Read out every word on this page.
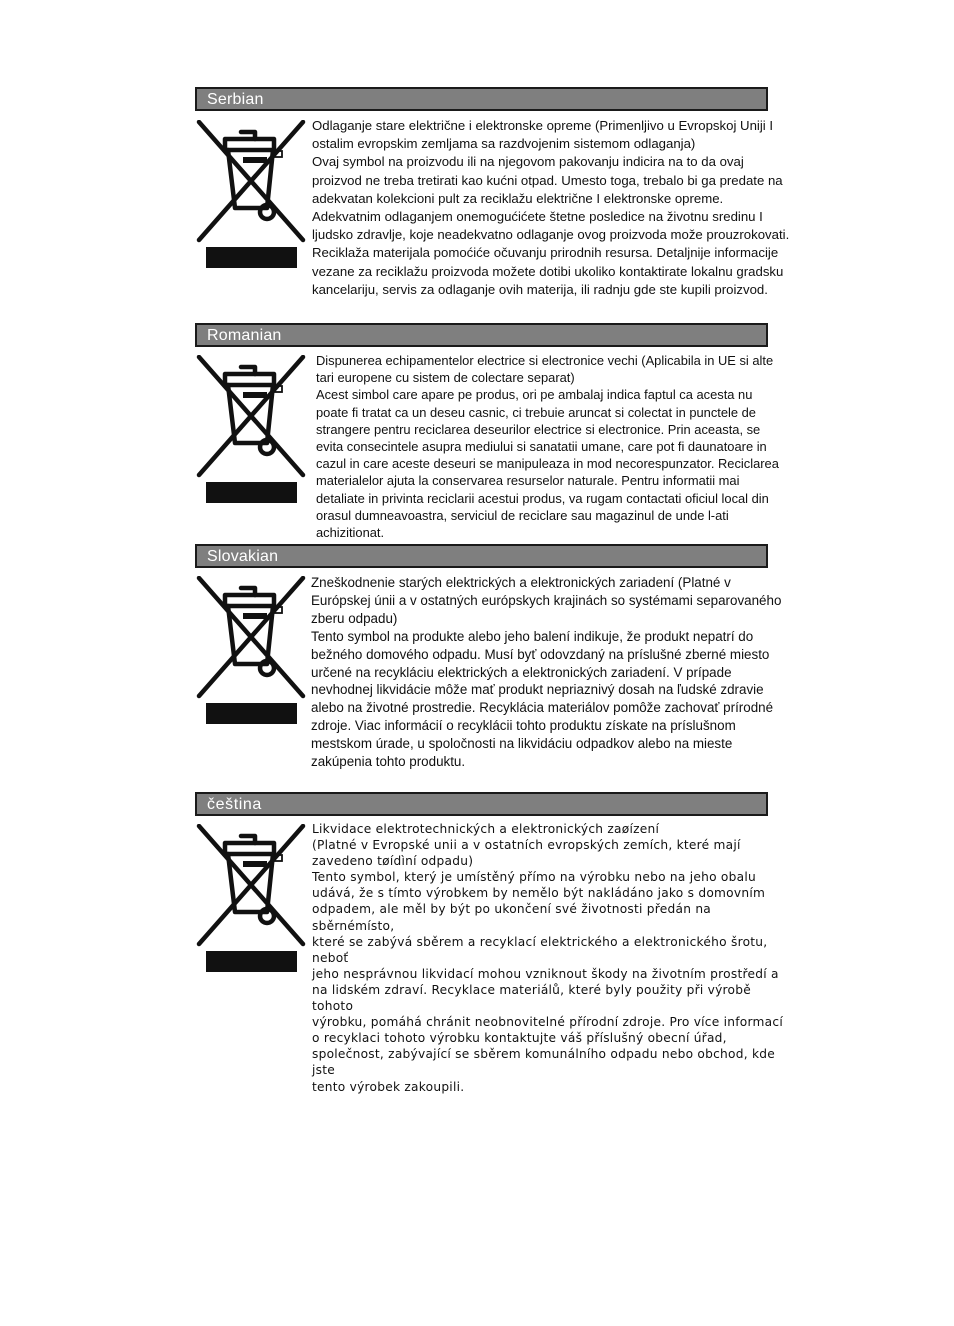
Serbian
Odlaganje stare električne i elektronske opreme (Primenljivo u Evropskoj Uniji I
ostalim evropskim zemljama sa razdvojenim sistemom odlaganja)
Ovaj symbol na proizvodu ili na njegovom pakovanju indicira na to da ovaj
proizvod ne treba tretirati kao kućni otpad. Umesto toga, trebalo bi ga predate na
adekvatan kolekcioni pult za reciklažu električne I elektronske opreme.
Adekvatnim odlaganjem onemogućićete štetne posledice na životnu sredinu I
ljudsko zdravlje, koje neadekvatno odlaganje ovog proizvoda može prouzrokovati.
Reciklaža materijala pomoćiće očuvanju prirodnih resursa. Detaljnije informacije
vezane za reciklažu proizvoda možete dotibi ukoliko kontaktirate lokalnu gradsku
kancelariju, servis za odlaganje ovih materija, ili radnju gde ste kupili proizvod.
Romanian
Dispunerea echipamentelor electrice si electronice vechi (Aplicabila in UE si alte
tari europene cu sistem de colectare separat)
Acest simbol care apare pe produs, ori pe ambalaj indica faptul ca acesta nu
poate fi tratat ca un deseu casnic, ci trebuie aruncat si colectat in punctele de
strangere pentru reciclarea deseurilor electrice si electronice. Prin aceasta, se
evita consecintele asupra mediului si sanatatii umane, care pot fi daunatoare in
cazul in care aceste deseuri se manipuleaza in mod necorespunzator. Reciclarea
materialelor ajuta la conservarea resurselor naturale. Pentru informatii mai
detaliate in privinta reciclarii acestui produs, va rugam contactati oficiul local din
orasul dumneavoastra, serviciul de reciclare sau magazinul de unde l-ati achizitionat.
Slovakian
Zneškodnenie starých elektrických a elektronických zariadení (Platné v
Európskej únii a v ostatných európskych krajinách so systémami separovaného
zberu odpadu)
Tento symbol na produkte alebo jeho balení indikuje, že produkt nepatrí do
bežného domového odpadu. Musí byť odovzdaný na príslušné zberné miesto
určené na recykláciu elektrických a elektronických zariadení. V prípade
nevhodnej likvidácie môže mať produkt nepriaznivý dosah na ľudské zdravie
alebo na životné prostredie. Recyklácia materiálov pomôže zachovať prírodné
zdroje. Viac informácií o recyklácii tohto produktu získate na príslušnom
mestskom úrade, u spoločnosti na likvidáciu odpadkov alebo na mieste
zakúpenia tohto produktu.
čeština
Likvidace elektrotechnických a elektronických zaøízení
(Platné v Evropské unii a v ostatních evropských zemích, které mají
zavedeno tøídìní odpadu)
Tento symbol, který je umístěný přímo na výrobku nebo na jeho obalu
udává, že s tímto výrobkem by nemělo být nakládáno jako s domovním
odpadem, ale měl by být po ukončení své životnosti předán na sběrnémísto,
které se zabývá sběrem a recyklací elektrického a elektronického šrotu, neboť
jeho nesprávnou likvidací mohou vzniknout škody na životním prostředí a
na lidském zdraví. Recyklace materiálů, které byly použity při výrobě tohoto
výrobku, pomáhá chránit neobnovitelné přírodní zdroje. Pro více informací
o recyklaci tohoto výrobku kontaktujte váš příslušný obecní úřad,
společnost, zabývající se sběrem komunálního odpadu nebo obchod, kde jste
tento výrobek zakoupili.
